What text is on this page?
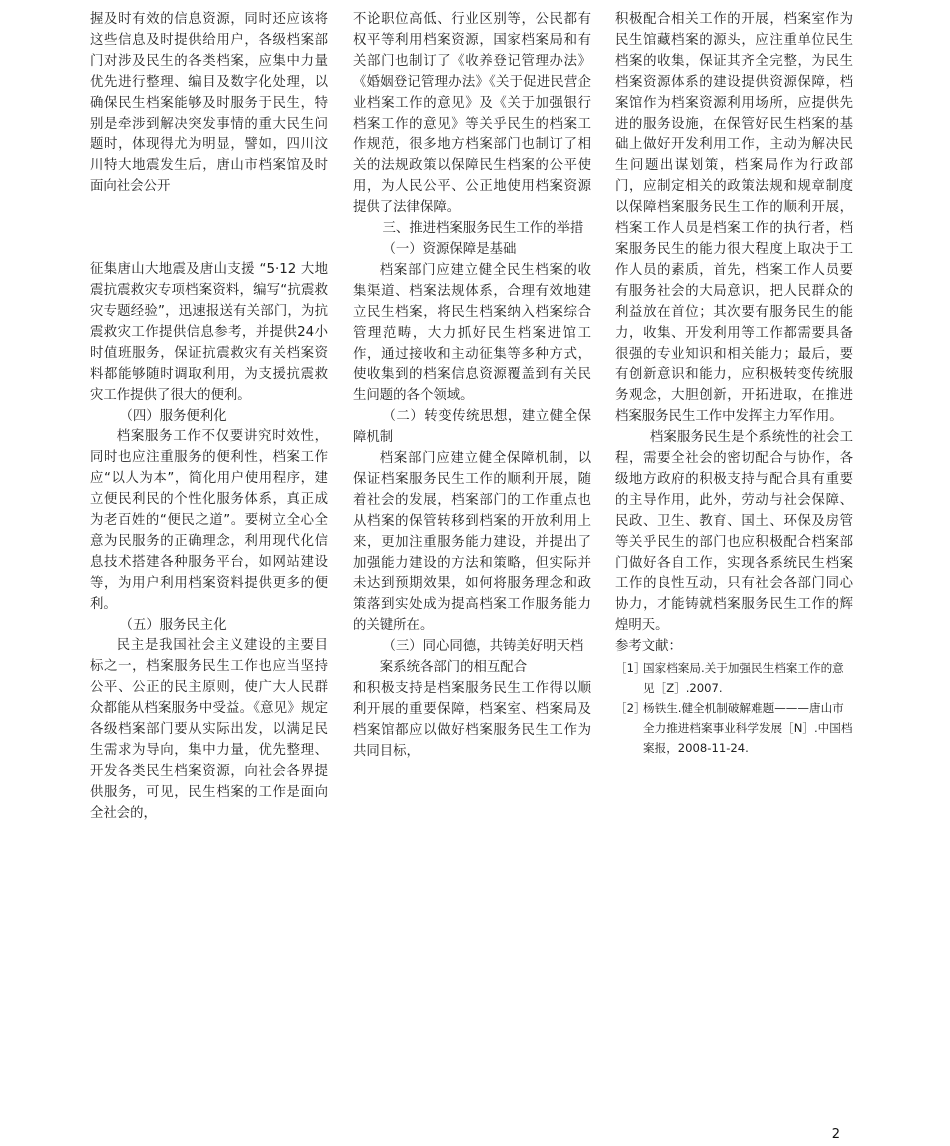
握及时有效的信息资源，同时还应该将这些信息及时提供给用户，各级档案部门对涉及民生的各类档案，应集中力量优先进行整理、编目及数字化处理，以确保民生档案能够及时服务于民生，特别是牵涉到解决突发事情的重大民生问题时，体现得尤为明显，譬如，四川汶川特大地震发生后，唐山市档案馆及时面向社会公开

征集唐山大地震及唐山支援 “5·12 大地震抗震救灾专项档案资料，编写“抗震救灾专题经验”，迅速报送有关部门，为抗震救灾工作提供信息参考，并提供24小时值班服务，保证抗震救灾有关档案资料都能够随时调取利用，为支援抗震救灾工作提供了很大的便利。

（四）服务便利化

档案服务工作不仅要讲究时效性，同时也应注重服务的便利性，档案工作应“以人为本”，简化用户使用程序，建立便民利民的个性化服务体系，真正成为老百姓的“便民之道”。要树立全心全意为民服务的正确理念，利用现代化信息技术搭建各种服务平台，如网站建设等，为用户利用档案资料提供更多的便利。

（五）服务民主化

民主是我国社会主义建设的主要目标之一，档案服务民生工作也应当坚持公平、公正的民主原则，使广大人民群众都能从档案服务中受益。《意见》规定各级档案部门要从实际出发，以满足民生需求为导向，集中力量，优先整理、开发各类民生档案资源，向社会各界提供服务，可见，民生档案的工作是面向全社会的，

不论职位高低、行业区别等，公民都有权平等利用档案资源，国家档案局和有关部门也制订了《收养登记管理办法》《婚姻登记管理办法》《关于促进民营企业档案工作的意见》及《关于加强银行档案工作的意见》等关乎民生的档案工作规范，很多地方档案部门也制订了相关的法规政策以保障民生档案的公平使用，为人民公平、公正地使用档案资源提供了法律保障。

三、推进档案服务民生工作的举措

（一）资源保障是基础

档案部门应建立健全民生档案的收集渠道、档案法规体系，合理有效地建立民生档案，将民生档案纳入档案综合管理范畴，大力抓好民生档案进馆工作，通过接收和主动征集等多种方式，使收集到的档案信息资源覆盖到有关民生问题的各个领域。

（二）转变传统思想，建立健全保障机制

档案部门应建立健全保障机制，以保证档案服务民生工作的顺利开展，随着社会的发展，档案部门的工作重点也从档案的保管转移到档案的开放利用上来，更加注重服务能力建设，并提出了加强能力建设的方法和策略，但实际并未达到预期效果，如何将服务理念和政策落到实处成为提高档案工作服务能力的关键所在。

（三）同心同德，共铸美好明天档

案系统各部门的相互配合

和积极支持是档案服务民生工作得以顺利开展的重要保障，档案室、档案局及档案馆都应以做好档案服务民生工作为共同目标，

积极配合相关工作的开展，档案室作为民生馆藏档案的源头，应注重单位民生档案的收集，保证其齐全完整，为民生档案资源体系的建设提供资源保障，档案馆作为档案资源利用场所，应提供先进的服务设施，在保管好民生档案的基础上做好开发利用工作，主动为解决民生问题出谋划策，档案局作为行政部门，应制定相关的政策法规和规章制度以保障档案服务民生工作的顺利开展，档案工作人员是档案工作的执行者，档案服务民生的能力很大程度上取决于工作人员的素质，首先，档案工作人员要有服务社会的大局意识，把人民群众的利益放在首位；其次要有服务民生的能力，收集、开发利用等工作都需要具备很强的专业知识和相关能力；最后，要有创新意识和能力，应积极转变传统服务观念，大胆创新，开拓进取，在推进档案服务民生工作中发挥主力军作用。

档案服务民生是个系统性的社会工程，需要全社会的密切配合与协作，各级地方政府的积极支持与配合具有重要的主导作用，此外，劳动与社会保障、民政、卫生、教育、国土、环保及房管等关乎民生的部门也应积极配合档案部门做好各自工作，实现各系统民生档案工作的良性互动，只有社会各部门同心协力，才能铸就档案服务民生工作的辉煌明天。

参考文献：

［1］国家档案局.关于加强民生档案工作的意见［Z］.2007.

［2］杨铁生.健全机制破解难题———唐山市全力推进档案事业科学发展［N］.中国档案报，2008-11-24.

2
